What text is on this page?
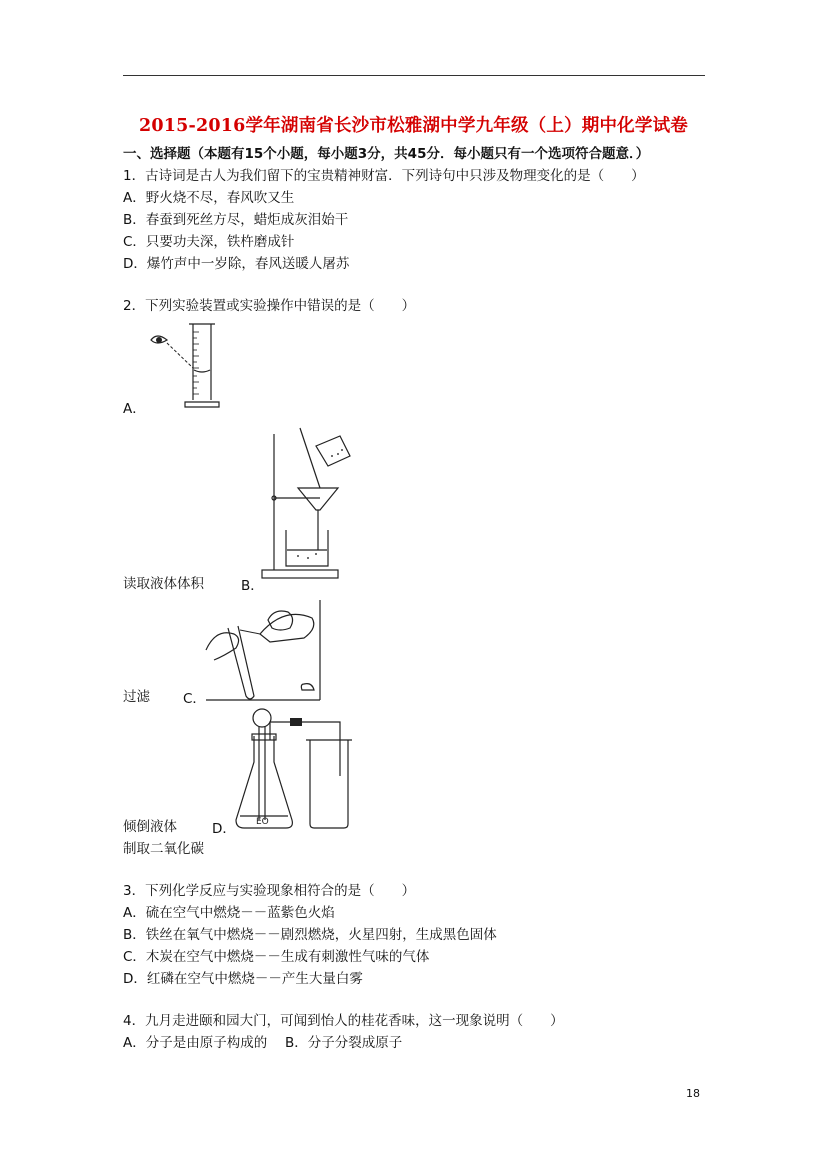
2015-2016学年湖南省长沙市松雅湖中学九年级（上）期中化学试卷
一、选择题（本题有15个小题，每小题3分，共45分．每小题只有一个选项符合题意．）
1．古诗词是古人为我们留下的宝贵精神财富．下列诗句中只涉及物理变化的是（　　）
A．野火烧不尽，春风吹又生
B．春蚕到死丝方尽，蜡炬成灰泪始干
C．只要功夫深，铁杵磨成针
D．爆竹声中一岁除，春风送暖人屠苏
2．下列实验装置或实验操作中错误的是（　　）
A．
读取液体体积	B．
过滤 C．
EO
倾倒液体	D．
制取二氧化碳
3．下列化学反应与实验现象相符合的是（　　）
A．硫在空气中燃烧－－蓝紫色火焰
B．铁丝在氧气中燃烧－－剧烈燃烧，火星四射，生成黑色固体
C．木炭在空气中燃烧－－生成有刺激性气味的气体
D．红磷在空气中燃烧－－产生大量白雾
4．九月走进颐和园大门，可闻到怡人的桂花香味，这一现象说明（　　）
A．分子是由原子构成的　 B．分子分裂成原子
18
